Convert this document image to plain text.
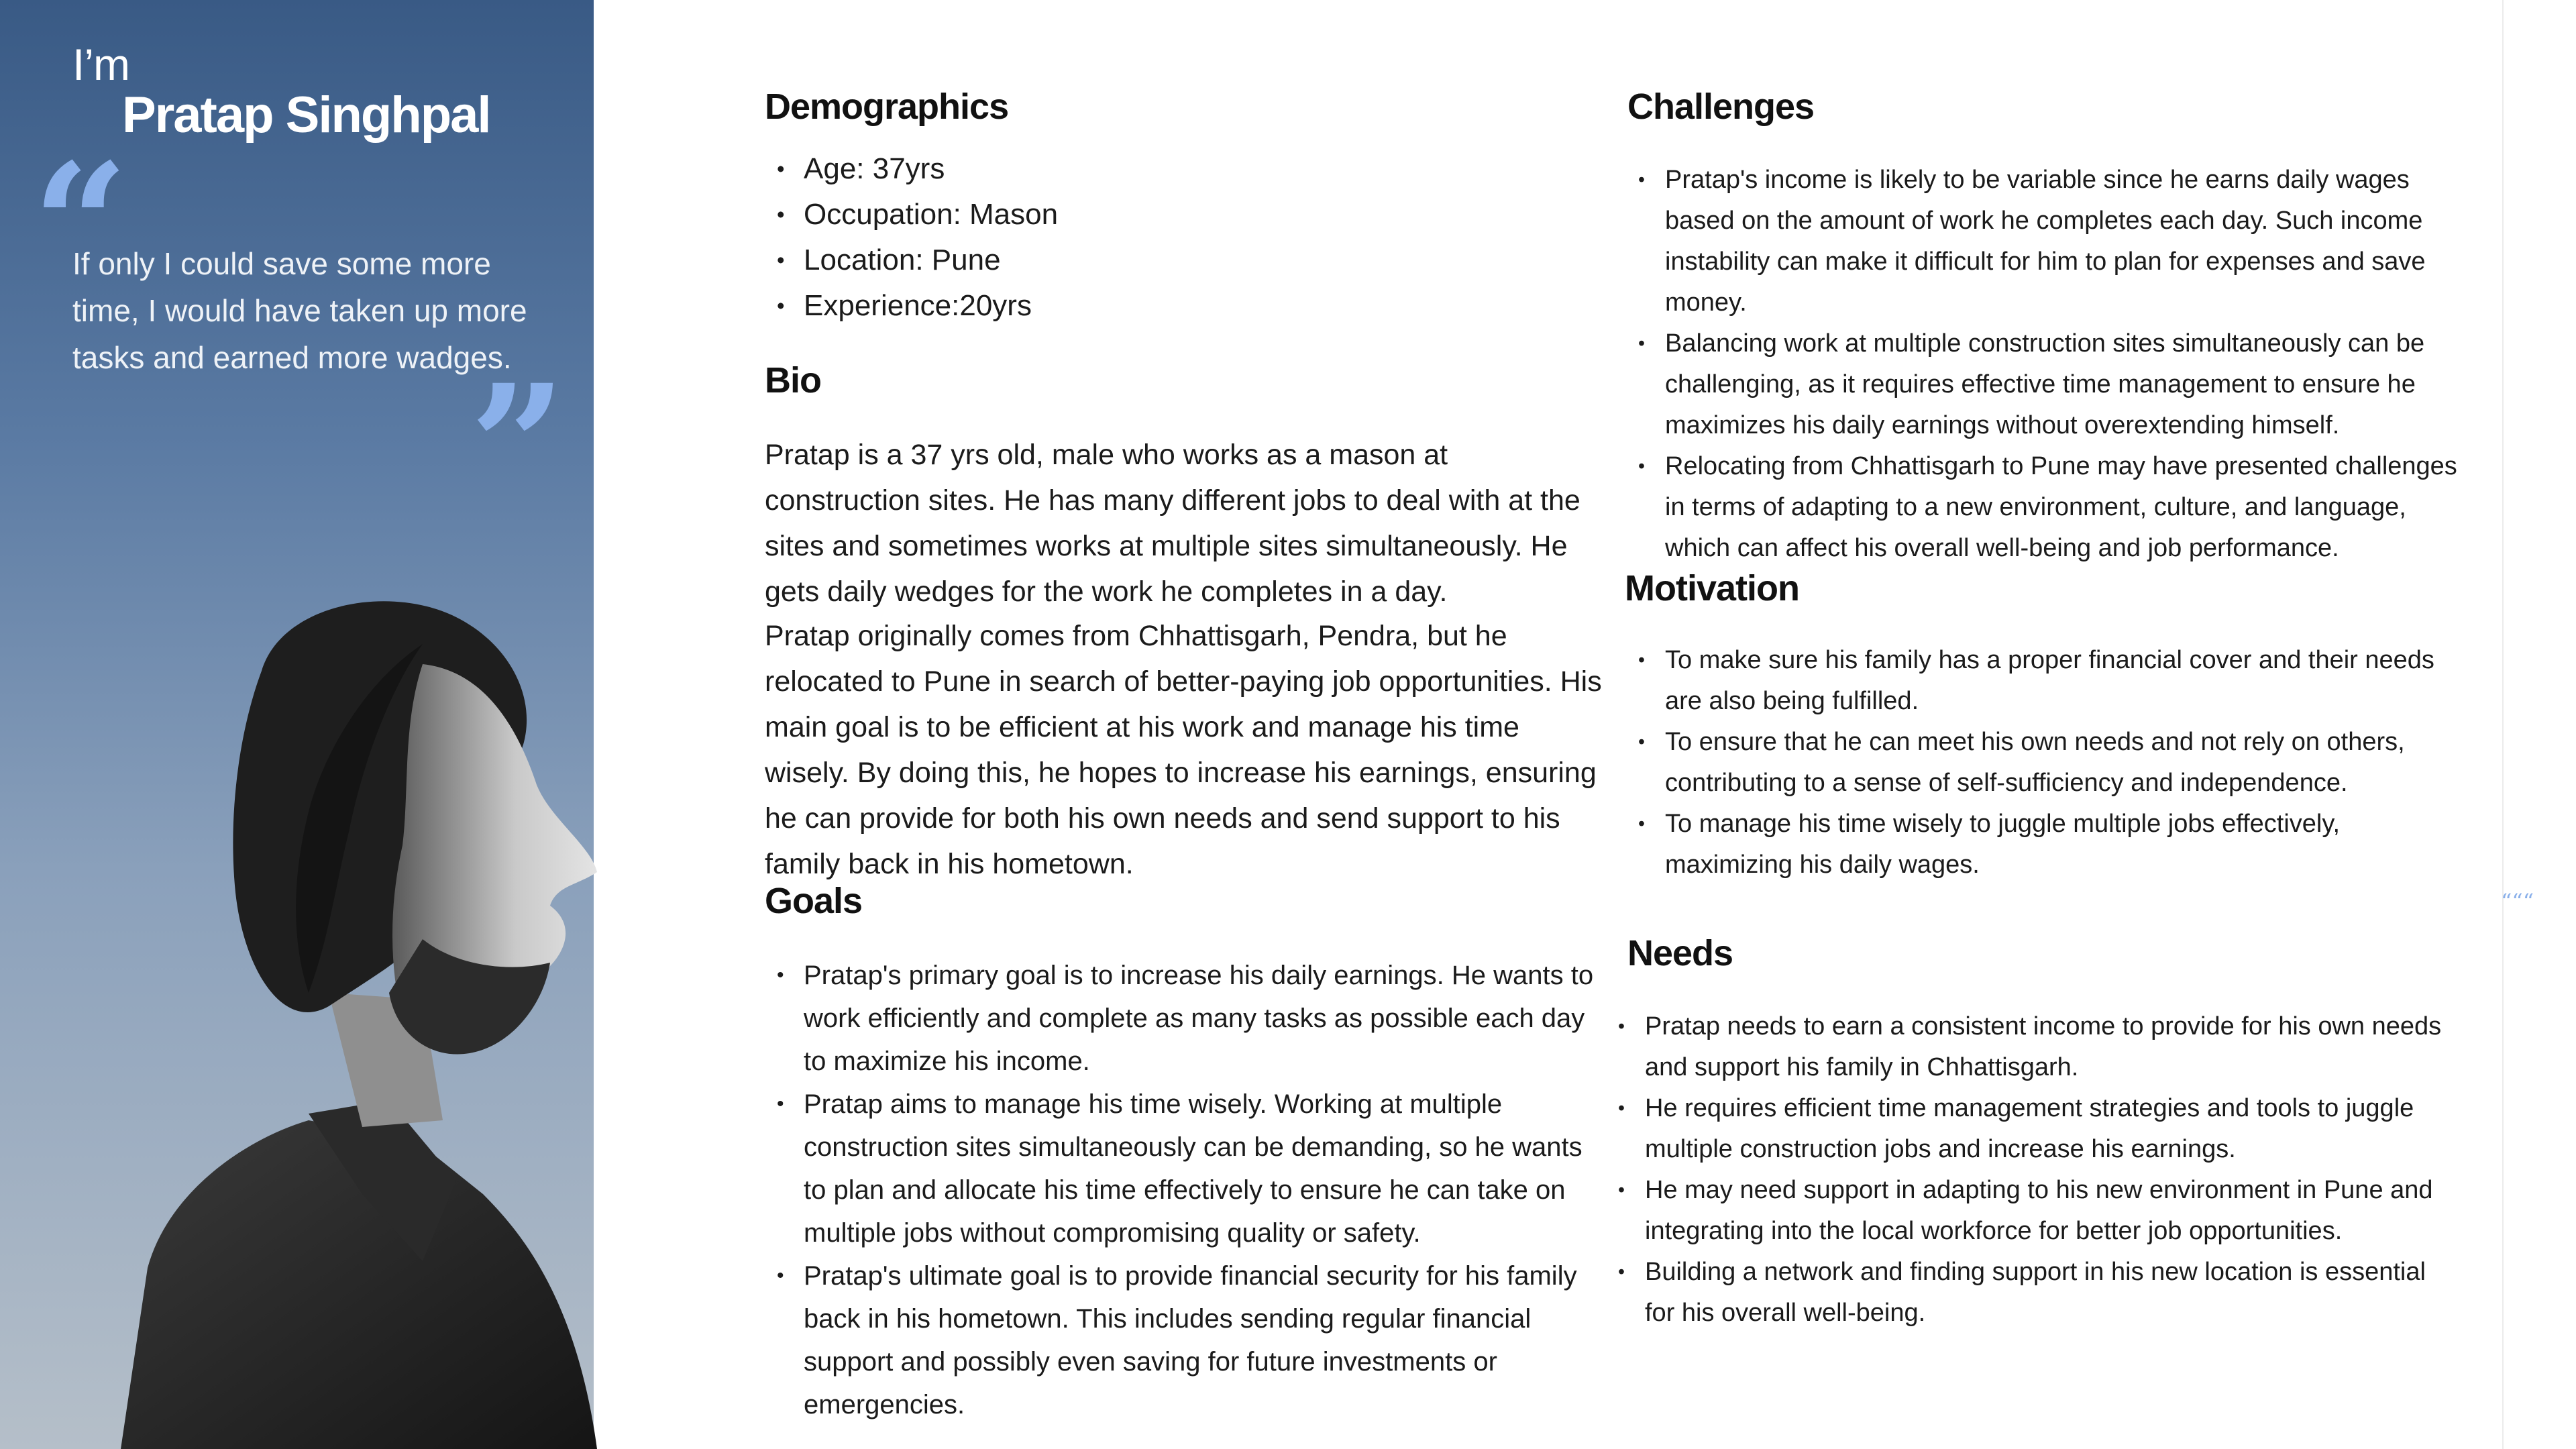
I’m
Pratap Singhpal
“
If only I could save some more time, I would have taken up more tasks and earned more wadges.
”
Demographics
• Age: 37yrs
• Occupation: Mason
• Location: Pune
• Experience:20yrs
Bio

Pratap is a 37 yrs old, male who works as a mason at construction sites. He has many different jobs to deal with at the sites and sometimes works at multiple sites simultaneously. He gets daily wedges for the work he completes in a day.

Pratap originally comes from Chhattisgarh, Pendra, but he relocated to Pune in search of better-paying job opportunities. His main goal is to be efficient at his work and manage his time wisely. By doing this, he hopes to increase his earnings, ensuring he can provide for both his own needs and send support to his family back in his hometown.

Goals
• Pratap's primary goal is to increase his daily earnings. He wants to work efficiently and complete as many tasks as possible each day to maximize his income.
• Pratap aims to manage his time wisely. Working at multiple construction sites simultaneously can be demanding, so he wants to plan and allocate his time effectively to ensure he can take on multiple jobs without compromising quality or safety.
• Pratap's ultimate goal is to provide financial security for his family back in his hometown. This includes sending regular financial support and possibly even saving for future investments or emergencies.
Challenges
• Pratap's income is likely to be variable since he earns daily wages based on the amount of work he completes each day. Such income instability can make it difficult for him to plan for expenses and save money.
• Balancing work at multiple construction sites simultaneously can be challenging, as it requires effective time management to ensure he maximizes his daily earnings without overextending himself.
• Relocating from Chhattisgarh to Pune may have presented challenges in terms of adapting to a new environment, culture, and language, which can affect his overall well-being and job performance.
Motivation
• To make sure his family has a proper financial cover and their needs are also being fulfilled.
• To ensure that he can meet his own needs and not rely on others, contributing to a sense of self-sufficiency and independence.
• To manage his time wisely to juggle multiple jobs effectively, maximizing his daily wages.
Needs
• Pratap needs to earn a consistent income to provide for his own needs and support his family in Chhattisgarh.
• He requires efficient time management strategies and tools to juggle multiple construction jobs and increase his earnings.
• He may need support in adapting to his new environment in Pune and integrating into the local workforce for better job opportunities.
• Building a network and finding support in his new location is essential for his overall well-being.
“““
